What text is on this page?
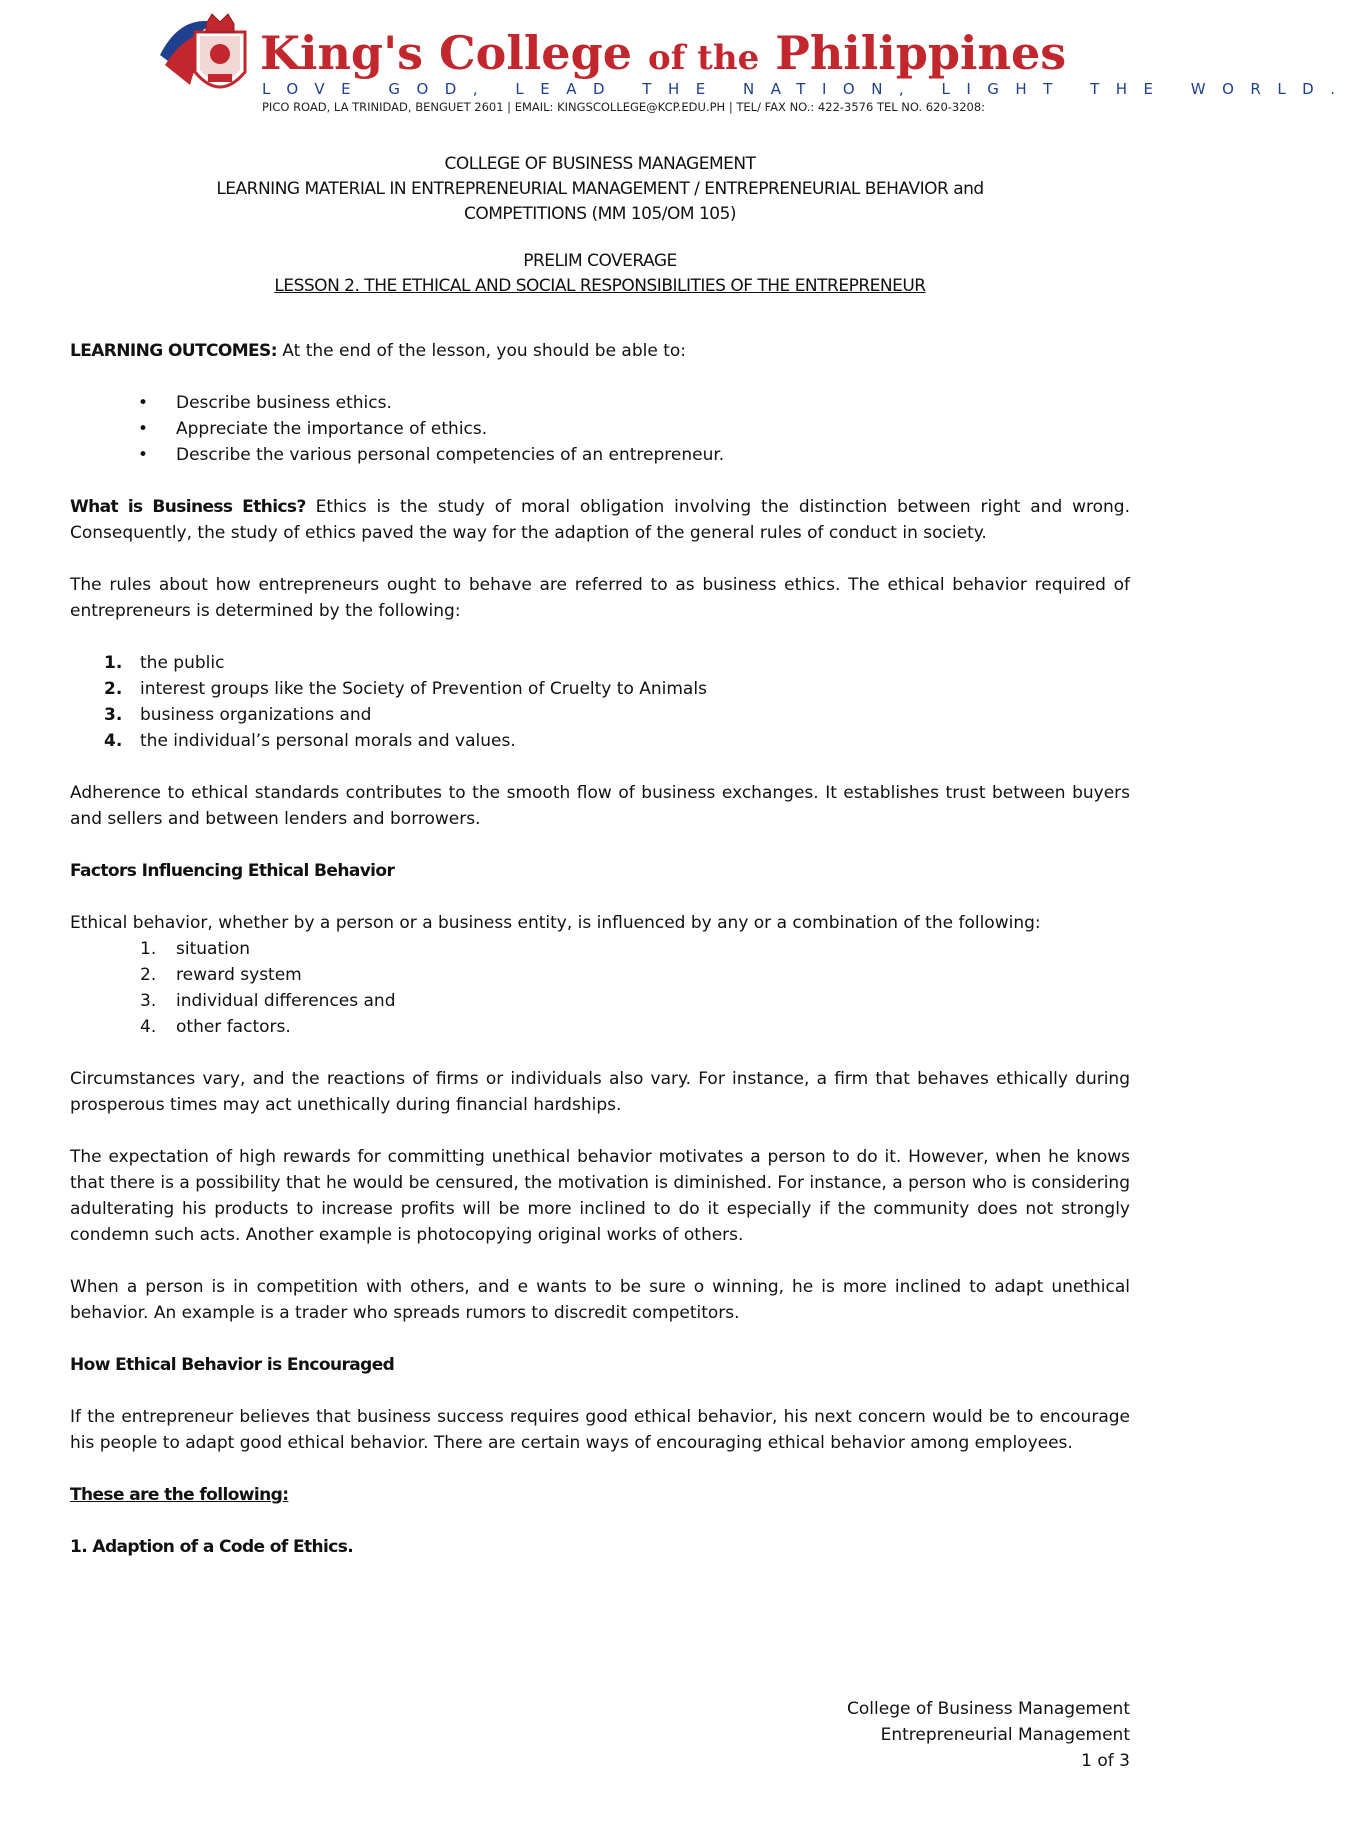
King's College of the Philippines
LOVE GOD, LEAD THE NATION, LIGHT THE WORLD.
PICO ROAD, LA TRINIDAD, BENGUET 2601 | EMAIL: KINGSCOLLEGE@KCP.EDU.PH | TEL/ FAX NO.: 422-3576 TEL NO. 620-3208:
COLLEGE OF BUSINESS MANAGEMENT
LEARNING MATERIAL IN ENTREPRENEURIAL MANAGEMENT / ENTREPRENEURIAL BEHAVIOR and
COMPETITIONS (MM 105/OM 105)
PRELIM COVERAGE
LESSON 2. THE ETHICAL AND SOCIAL RESPONSIBILITIES OF THE ENTREPRENEUR

LEARNING OUTCOMES: At the end of the lesson, you should be able to:

• Describe business ethics.
• Appreciate the importance of ethics.
• Describe the various personal competencies of an entrepreneur.

What is Business Ethics? Ethics is the study of moral obligation involving the distinction between right and wrong. Consequently, the study of ethics paved the way for the adaption of the general rules of conduct in society.

The rules about how entrepreneurs ought to behave are referred to as business ethics. The ethical behavior required of entrepreneurs is determined by the following:

1. the public
2. interest groups like the Society of Prevention of Cruelty to Animals
3. business organizations and
4. the individual’s personal morals and values.

Adherence to ethical standards contributes to the smooth flow of business exchanges. It establishes trust between buyers and sellers and between lenders and borrowers.

Factors Influencing Ethical Behavior

Ethical behavior, whether by a person or a business entity, is influenced by any or a combination of the following:

1. situation
2. reward system
3. individual differences and
4. other factors.

Circumstances vary, and the reactions of firms or individuals also vary. For instance, a firm that behaves ethically during prosperous times may act unethically during financial hardships.

The expectation of high rewards for committing unethical behavior motivates a person to do it. However, when he knows that there is a possibility that he would be censured, the motivation is diminished. For instance, a person who is considering adulterating his products to increase profits will be more inclined to do it especially if the community does not strongly condemn such acts. Another example is photocopying original works of others.

When a person is in competition with others, and e wants to be sure o winning, he is more inclined to adapt unethical behavior. An example is a trader who spreads rumors to discredit competitors.

How Ethical Behavior is Encouraged

If the entrepreneur believes that business success requires good ethical behavior, his next concern would be to encourage his people to adapt good ethical behavior. There are certain ways of encouraging ethical behavior among employees.

These are the following:

1. Adaption of a Code of Ethics.

College of Business Management
Entrepreneurial Management
1 of 3
